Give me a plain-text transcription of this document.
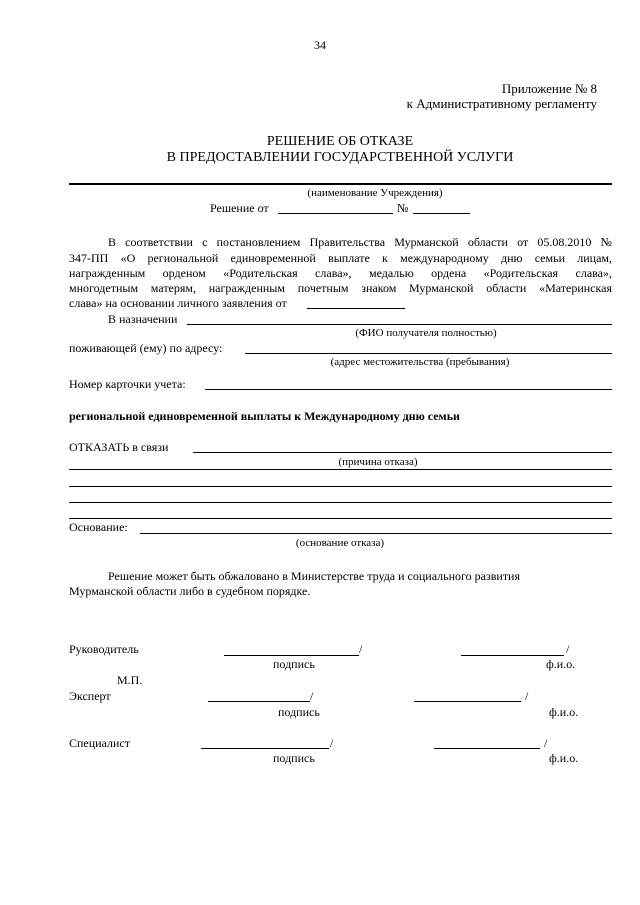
34
Приложение № 8
к Административному регламенту
РЕШЕНИЕ ОБ ОТКАЗЕ
В ПРЕДОСТАВЛЕНИИ ГОСУДАРСТВЕННОЙ УСЛУГИ
(наименование Учреждения)
Решение от	№
В соответствии с постановлением Правительства Мурманской области от 05.08.2010 №
347-ПП «О региональной единовременной выплате к международному дню семьи лицам,
награжденным орденом «Родительская слава», медалью ордена «Родительская слава»,
многодетным матерям, награжденным почетным знаком Мурманской области «Материнская
слава» на основании личного заявления от
В назначении
(ФИО получателя полностью)
поживающей (ему) по адресу:
(адрес местожительства (пребывания)
Номер карточки учета:
региональной единовременной выплаты к Международному дню семьи
ОТКАЗАТЬ в связи
(причина отказа)
Основание:
(основание отказа)
Решение может быть обжаловано в Министерстве труда и социального развития
Мурманской области либо в судебном порядке.
Руководитель	/	/
подпись	ф.и.о.
М.П.
Эксперт	/	/
подпись	ф.и.о.
Специалист	/	/
подпись	ф.и.о.
